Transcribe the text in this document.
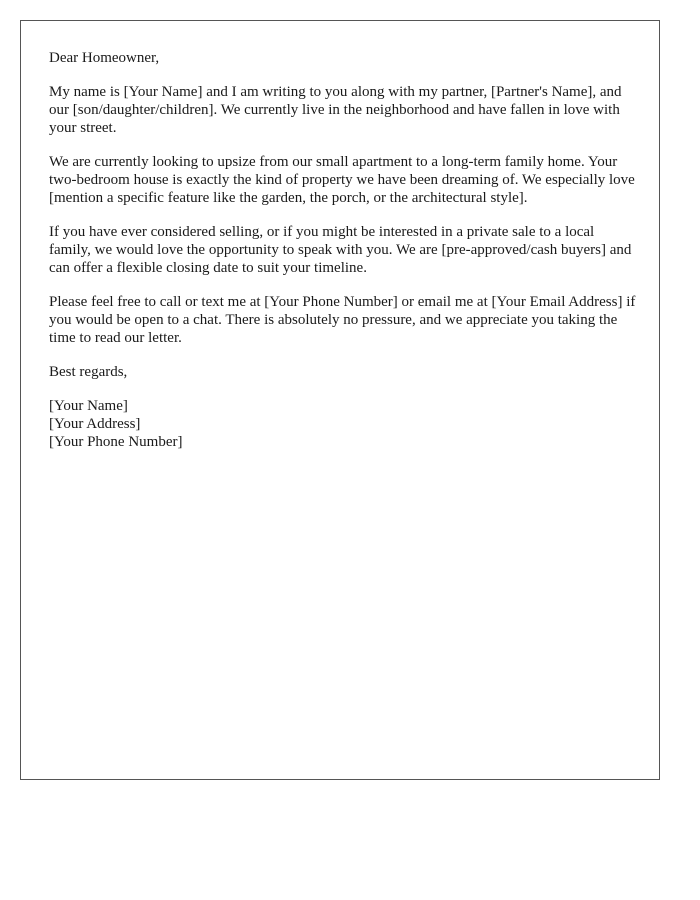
Dear Homeowner,

My name is [Your Name] and I am writing to you along with my partner, [Partner's Name], and our [son/daughter/children]. We currently live in the neighborhood and have fallen in love with your street.

We are currently looking to upsize from our small apartment to a long-term family home. Your two-bedroom house is exactly the kind of property we have been dreaming of. We especially love [mention a specific feature like the garden, the porch, or the architectural style].

If you have ever considered selling, or if you might be interested in a private sale to a local family, we would love the opportunity to speak with you. We are [pre-approved/cash buyers] and can offer a flexible closing date to suit your timeline.

Please feel free to call or text me at [Your Phone Number] or email me at [Your Email Address] if you would be open to a chat. There is absolutely no pressure, and we appreciate you taking the time to read our letter.

Best regards,

[Your Name]
[Your Address]
[Your Phone Number]
